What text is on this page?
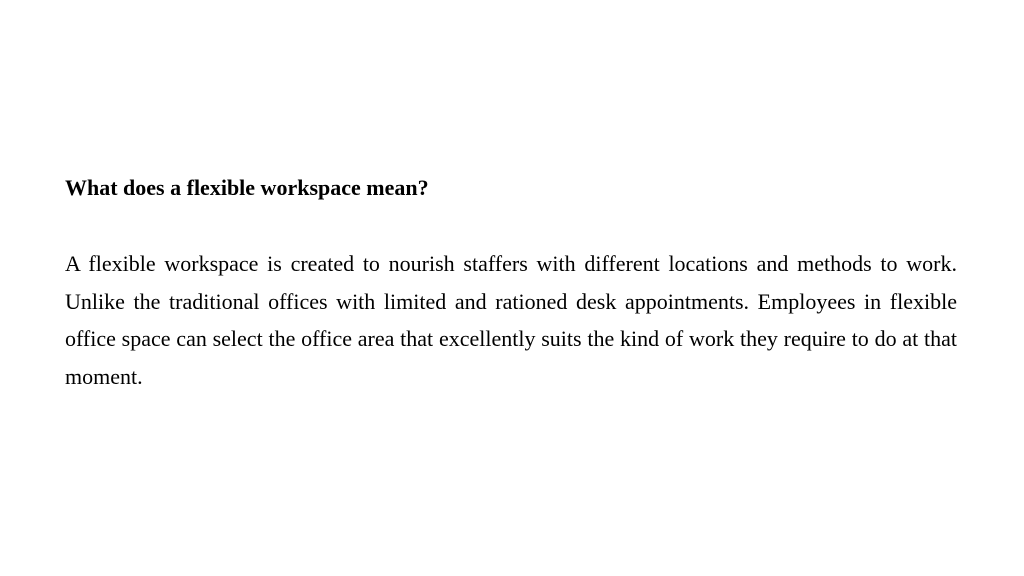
What does a flexible workspace mean?

A flexible workspace is created to nourish staffers with different locations and methods to work. Unlike the traditional offices with limited and rationed desk appointments. Employees in flexible office space can select the office area that excellently suits the kind of work they require to do at that moment.
